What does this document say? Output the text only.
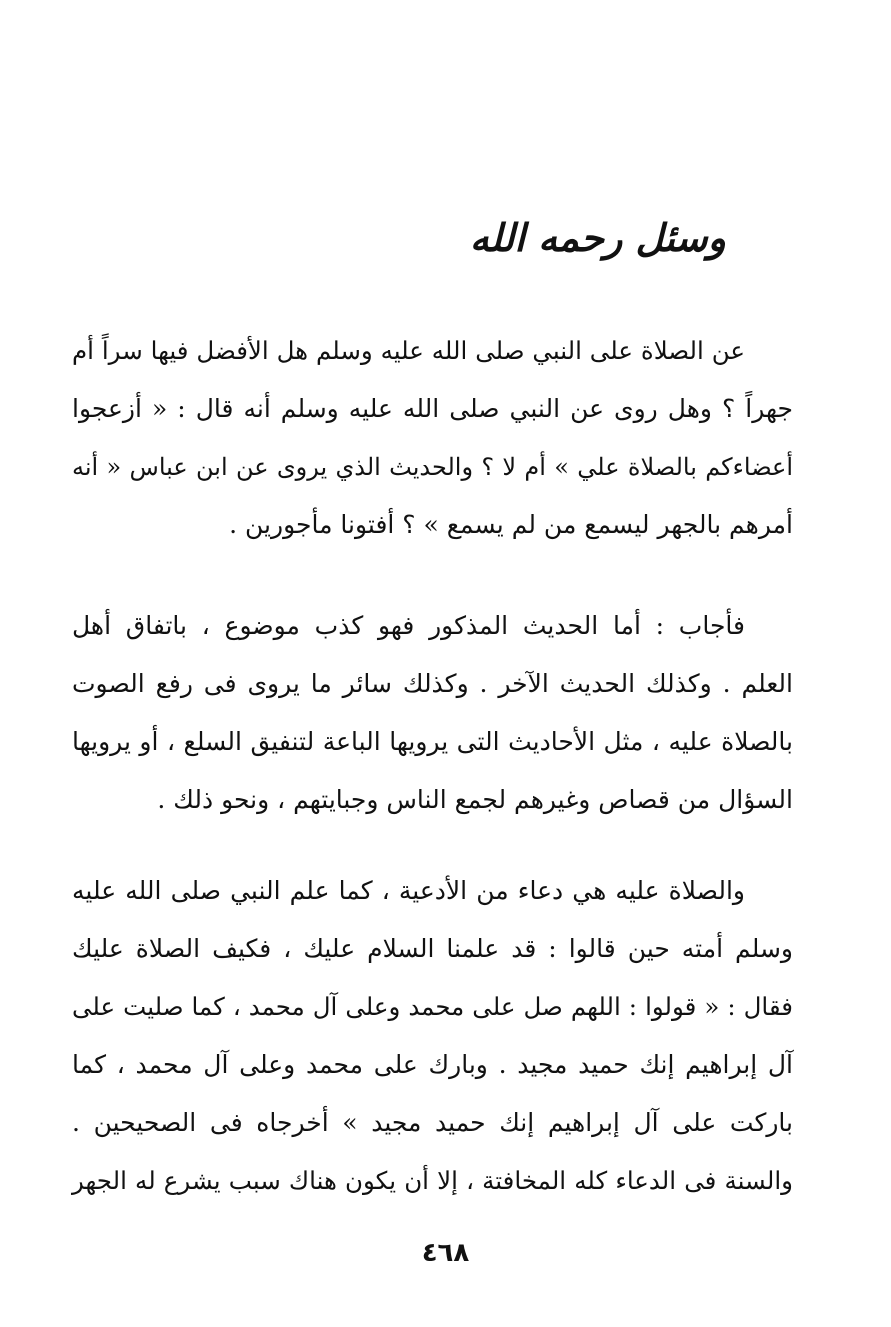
وسئل رحمه الله

عن الصلاة على النبي صلى الله عليه وسلم هل الأفضل فيها سراً أم
جهراً ؟ وهل روى عن النبي صلى الله عليه وسلم أنه قال : « أزعجوا
أعضاءكم بالصلاة علي » أم لا ؟ والحديث الذي يروى عن ابن عباس « أنه
أمرهم بالجهر ليسمع من لم يسمع » ؟ أفتونا مأجورين .

فأجاب : أما الحديث المذكور فهو كذب موضوع ، باتفاق أهل
العلم . وكذلك الحديث الآخر . وكذلك سائر ما يروى فى رفع الصوت
بالصلاة عليه ، مثل الأحاديث التى يرويها الباعة لتنفيق السلع ، أو يرويها
السؤال من قصاص وغيرهم لجمع الناس وجبايتهم ، ونحو ذلك .

والصلاة عليه هي دعاء من الأدعية ، كما علم النبي صلى الله عليه
وسلم أمته حين قالوا : قد علمنا السلام عليك ، فكيف الصلاة عليك
فقال : « قولوا : اللهم صل على محمد وعلى آل محمد ، كما صليت على
آل إبراهيم إنك حميد مجيد . وبارك على محمد وعلى آل محمد ، كما
باركت على آل إبراهيم إنك حميد مجيد » أخرجاه فى الصحيحين .
والسنة فى الدعاء كله المخافتة ، إلا أن يكون هناك سبب يشرع له الجهر

٤٦٨
